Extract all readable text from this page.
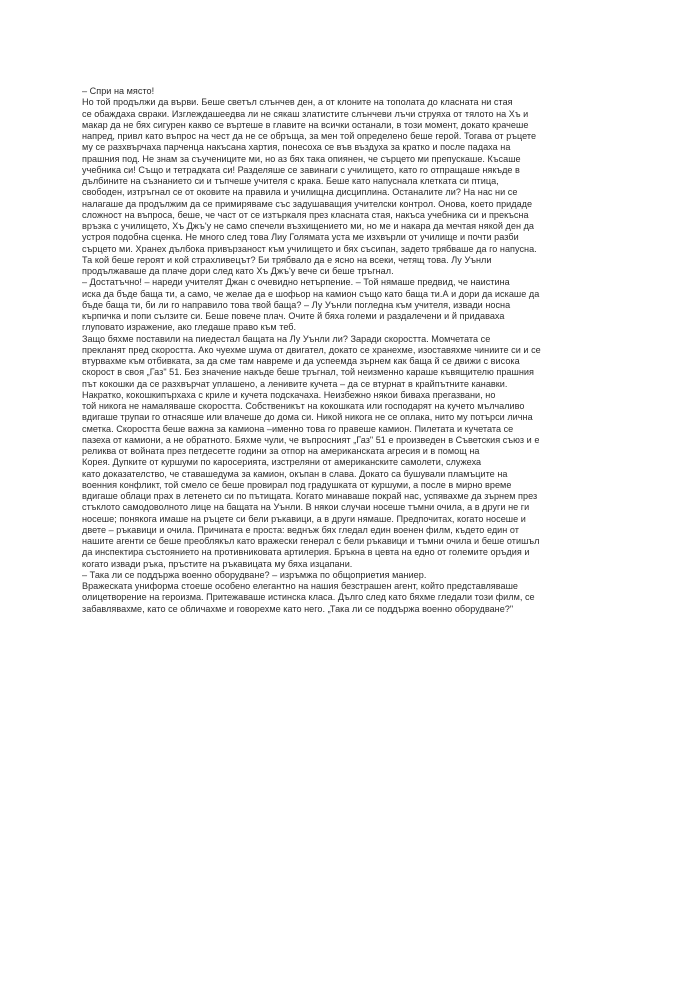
– Спри на място!
Но той продължи да върви. Беше светъл слънчев ден, а от клоните на тополата до класната ни стая
се обаждаха сврaки. Изглеждашеедва ли не сякаш златистите слънчеви лъчи струяха от тялото на Хъ и
макар да не бях сигурен какво се въртеше в главите на всички останали, в този момент, докато крачеше
напред, привл като въпрос на чест да не се обръща, за мен той определено беше герой. Тогава от ръцете
му се разхвърчаха парченца накъсана хартия, понесоха се във въздуха за кратко и после падаха на
прашния под. Не знам за съучениците ми, но аз бях така опиянен, че сърцето ми препускаше. Късаше
учебника си! Също и тетрадката си! Разделяше се завинаги с училището, като го отпращаше някъде в
дълбините на съзнанието си и тъпчеше учителя с крака. Беше като напуснала клетката си птица,
свободен, изтръгнал се от оковите на правила и училищна дисциплина. Останалите ли? На нас ни се
налагаше да продължим да се примиряваме със задушаващия учителски контрол. Онова, което придаде
сложност на въпроса, беше, че част от се изтъркаля през класната стая, накъса учебника си и прекъсна
връзка с училището, Хъ Джъ'у не само спечели възхищението ми, но ме и накара да мечтая някой ден да
устроя подобна сценка. Не много след това Лиу Голямата уста ме изхвърли от училище и почти разби
сърцето ми. Хранех дълбока привързаност към училището и бях съсипан, задето трябваше да го напусна.
Та кой беше героят и кой страхливецът? Би трябвало да е ясно на всеки, четящ това. Лу Уънли
продължаваше да плаче дори след като Хъ Джъ'у вече си беше тръгнал.
– Достатъчно! – нареди учителят Джан с очевидно нетърпение. – Той нямаше предвид, че наистина
иска да бъде баща ти, а само, че желае да е шофьор на камион също като баща ти.А и дори да искаше да
бъде баща ти, би ли го направило това твой баща? – Лу Уънли погледна към учителя, извади носна
кърпичка и попи сълзите си. Беше повече плач. Очите й бяха големи и раздалечени и й придаваха
глуповато изражение, ако гледаше право към теб.
Защо бяхме поставили на пиедестал бащата на Лу Уънли ли? Заради скоростта. Момчетата се
прекланят пред скоростта. Ако чуехме шума от двигател, докато се хранехме, изоставяхме чиниите си и се
втурвахме към отбивката, за да сме там навреме и да успеемда зърнем как баща й се движи с висока
скорост в своя „Газ" 51. Без значение накъде беше тръгнал, той неизменно караше къвящителю прашния
път кокошки да се разхвърчат уплашено, а ленивите кучета – да се втурнат в крайпътните канавки.
Накратко, кокошкипърхаха с криле и кучета подскачаха. Неизбежно някои биваха прегазвани, но
той никога не намаляваше скоростта. Собственикът на кокошката или господарят на кучето мълчаливо
вдигаше трупаи го отнасяше или влачеше до дома си. Никой никога не се оплака, нито му потърси лична
сметка. Скоростта беше важна за камиона –именно това го правеше камион. Пилетата и кучетата се
пазеха от камиони, а не обратното. Бяхме чули, че въпросният „Газ" 51 е произведен в Съветския съюз и е
реликва от войната през петдесетте години за отпор на американската агресия и в помощ на
Корея. Дупките от куршуми по каросерията, изстреляни от американските самолети, служеха
като доказателство, че ставашедума за камион, окъпан в слава. Докато са бушували пламъците на
военния конфликт, той смело се беше провирал под градушката от куршуми, а после в мирно време
вдигаше облаци прах в летенето си по пътищата. Когато минаваше покрай нас, успявахме да зърнем през
стъклото самодоволното лице на бащата на Уънли. В някои случаи носеше тъмни очила, а в други не ги
носеше; понякога имаше на ръцете си бели ръкавици, а в други нямаше. Предпочитах, когато носеше и
двете – ръкавици и очила. Причината е проста: веднъж бях гледал един военен филм, където един от
нашите агенти се беше преоблякъл като вражески генерал с бели ръкавици и тъмни очила и беше отишъл
да инспектира състоянието на противниковата артилерия. Бръкна в цевта на едно от големите оръдия и
когато извади ръка, пръстите на ръкавицата му бяха изцапани.
– Така ли се поддържа военно оборудване? – изръмжа по общоприетия маниер.
Вражеската униформа стоеше особено елегантно на нашия безстрашен агент, който представляваше
олицетворение на героизма. Притежаваше истинска класа. Дълго след като бяхме гледали този филм, се
забавлявахме, като се обличахме и говорехме като него. „Така ли се поддържа военно оборудване?"
